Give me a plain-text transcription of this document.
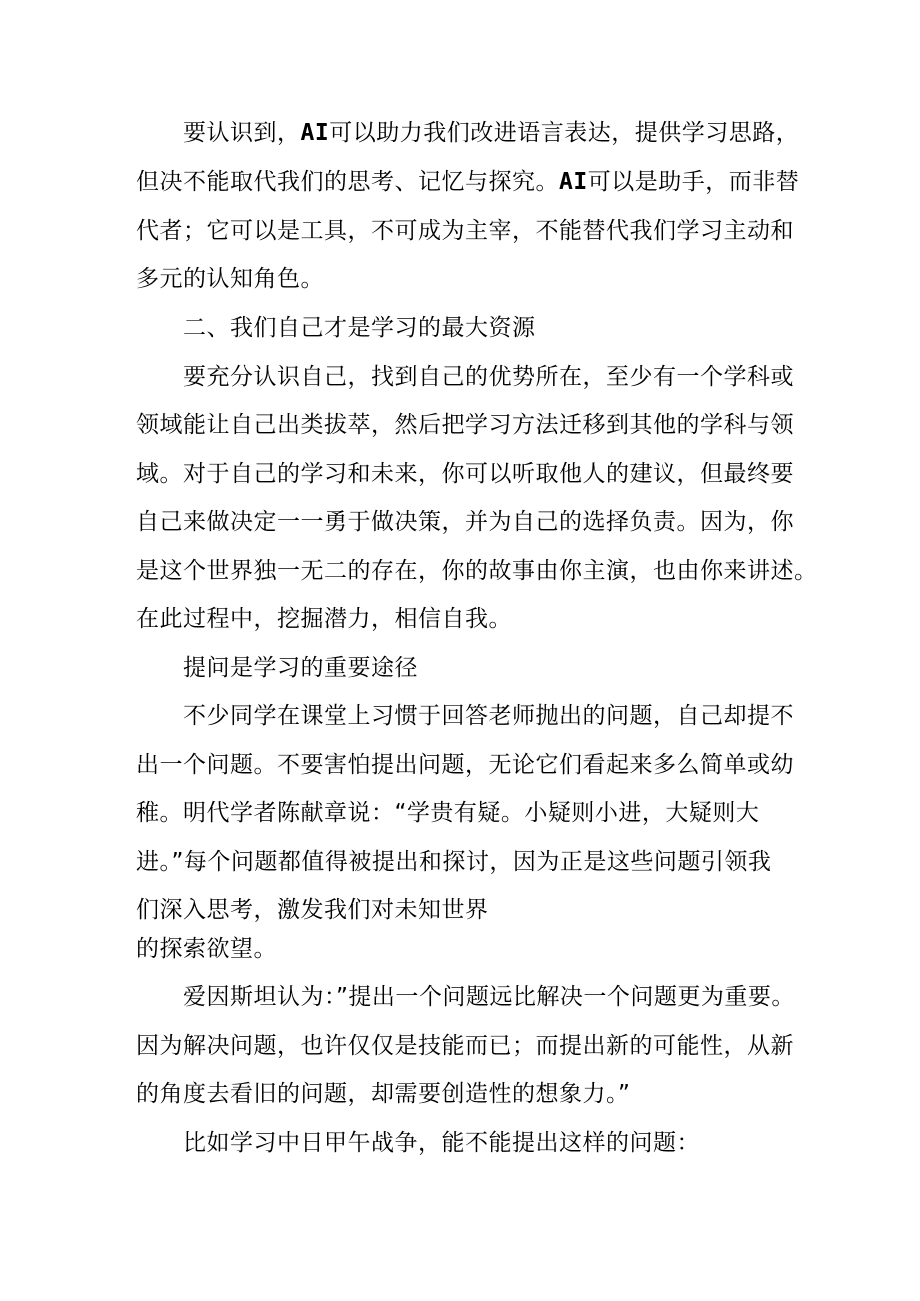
要认识到，AI可以助力我们改进语言表达，提供学习思路，
但决不能取代我们的思考、记忆与探究。AI可以是助手，而非替
代者；它可以是工具，不可成为主宰，不能替代我们学习主动和
多元的认知角色。
二、我们自己才是学习的最大资源
要充分认识自己，找到自己的优势所在，至少有一个学科或
领域能让自己出类拔萃，然后把学习方法迁移到其他的学科与领
域。对于自己的学习和未来，你可以听取他人的建议，但最终要
自己来做决定一一勇于做决策，并为自己的选择负责。因为，你
是这个世界独一无二的存在，你的故事由你主演，也由你来讲述。
在此过程中，挖掘潜力，相信自我。
提问是学习的重要途径
不少同学在课堂上习惯于回答老师抛出的问题，自己却提不
出一个问题。不要害怕提出问题，无论它们看起来多么简单或幼
稚。明代学者陈献章说：“学贵有疑。小疑则小进，大疑则大
进。”每个问题都值得被提出和探讨，因为正是这些问题引领我
们深入思考，激发我们对未知世界
的探索欲望。
爱因斯坦认为：”提出一个问题远比解决一个问题更为重要。
因为解决问题，也许仅仅是技能而已；而提出新的可能性，从新
的角度去看旧的问题，却需要创造性的想象力。”
比如学习中日甲午战争，能不能提出这样的问题：
